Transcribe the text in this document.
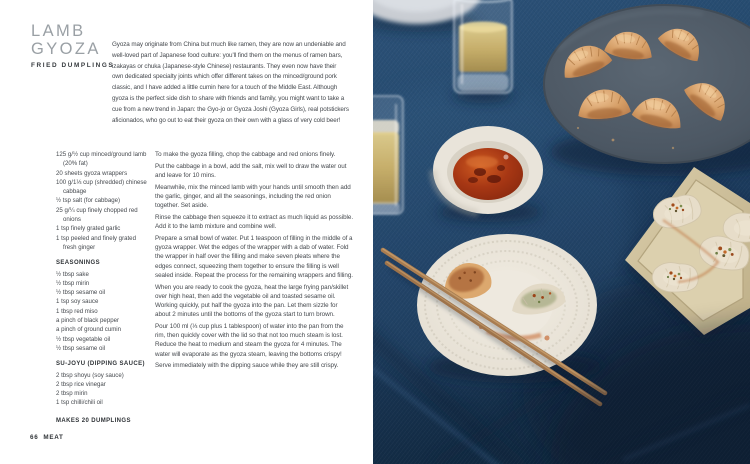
LAMB
GYOZA
FRIED DUMPLINGS
Gyoza may originate from China but much like ramen, they are now an undeniable and well-loved part of Japanese food culture: you'll find them on the menus of ramen bars, izakayas or chuka (Japanese-style Chinese) restaurants. They even now have their own dedicated specialty joints which offer different takes on the minced/ground pork classic, and I have added a little cumin here for a touch of the Middle East. Although gyoza is the perfect side dish to share with friends and family, you might want to take a cue from a new trend in Japan: the Gyo-jo or Gyoza Joshi (Gyoza Girls), real potstickers aficionados, who go out to eat their gyoza on their own with a glass of very cold beer!
125 g/½ cup minced/ground lamb (20% fat)
20 sheets gyoza wrappers
100 g/1⅓ cup (shredded) chinese cabbage
½ tsp salt (for cabbage)
25 g/¼ cup finely chopped red onions
1 tsp finely grated garlic
1 tsp peeled and finely grated fresh ginger
SEASONINGS
½ tbsp sake
½ tbsp mirin
½ tbsp sesame oil
1 tsp soy sauce
1 tbsp red miso
a pinch of black pepper
a pinch of ground cumin
½ tbsp vegetable oil
½ tbsp sesame oil
SU-JOYU (DIPPING SAUCE)
2 tbsp shoyu (soy sauce)
2 tbsp rice vinegar
2 tbsp mirin
1 tsp chilli/chili oil
MAKES 20 DUMPLINGS

To make the gyoza filling, chop the cabbage and red onions finely.

Put the cabbage in a bowl, add the salt, mix well to draw the water out and leave for 10 mins.

Meanwhile, mix the minced lamb with your hands until smooth then add the garlic, ginger, and all the seasonings, including the red onion together. Set aside.

Rinse the cabbage then squeeze it to extract as much liquid as possible. Add it to the lamb mixture and combine well.

Prepare a small bowl of water. Put 1 teaspoon of filling in the middle of a gyoza wrapper. Wet the edges of the wrapper with a dab of water. Fold the wrapper in half over the filling and make seven pleats where the edges connect, squeezing them together to ensure the filling is well sealed inside. Repeat the process for the remaining wrappers and filling.

When you are ready to cook the gyoza, heat the large frying pan/skillet over high heat, then add the vegetable oil and toasted sesame oil. Working quickly, put half the gyoza into the pan. Let them sizzle for about 2 minutes until the bottoms of the gyoza start to turn brown.

Pour 100 ml (⅓ cup plus 1 tablespoon) of water into the pan from the rim, then quickly cover with the lid so that not too much steam is lost. Reduce the heat to medium and steam the gyoza for 4 minutes. The water will evaporate as the gyoza steam, leaving the bottoms crispy!

Serve immediately with the dipping sauce while they are still crispy.

66 MEAT
